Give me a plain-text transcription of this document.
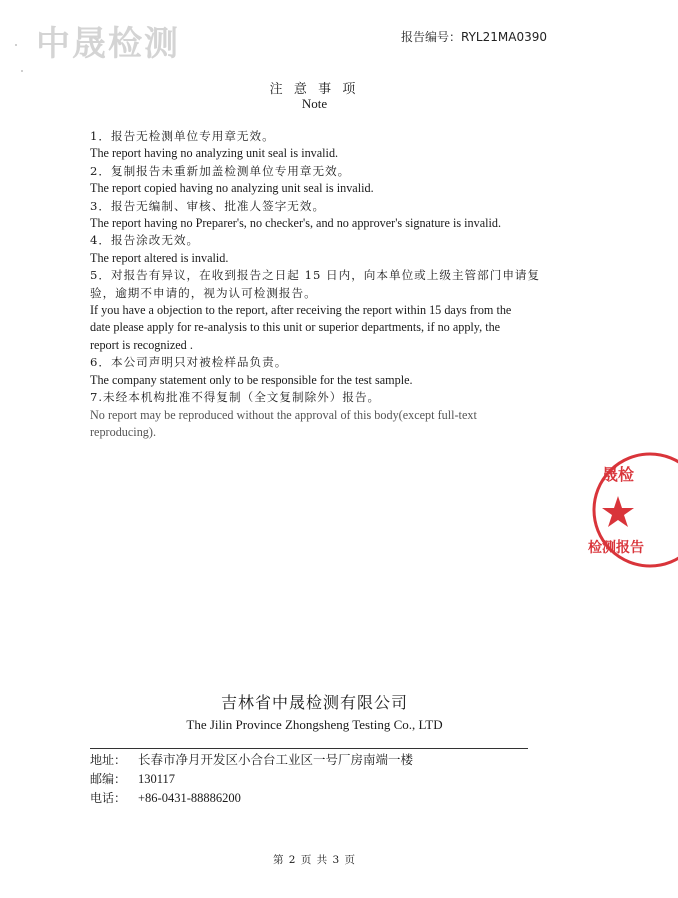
中晟检测	报告编号：RYL21MA0390
注 意 事 项
Note
1．报告无检测单位专用章无效。
The report having no analyzing unit seal is invalid.
2．复制报告未重新加盖检测单位专用章无效。
The report copied having no analyzing unit seal is invalid.
3．报告无编制、审核、批准人签字无效。
The report having no Preparer's, no checker's, and no approver's signature is invalid.
4．报告涂改无效。
The report altered is invalid.
5．对报告有异议，在收到报告之日起 15 日内，向本单位或上级主管部门申请复
验，逾期不申请的，视为认可检测报告。
If you have a objection to the report, after receiving the report within 15 days from the
date please apply for re-analysis to this unit or superior departments, if no apply, the
report is recognized .
6．本公司声明只对被检样品负责。
The company statement only to be responsible for the test sample.
7.未经本机构批准不得复制（全文复制除外）报告。
No report may be reproduced without the approval of this body(except full-text
reproducing).
晟检
检测报告
吉林省中晟检测有限公司
The Jilin Province Zhongsheng Testing Co., LTD
地址： 长春市净月开发区小合台工业区一号厂房南端一楼
邮编： 130117
电话： +86-0431-88886200
第 2 页 共 3 页
